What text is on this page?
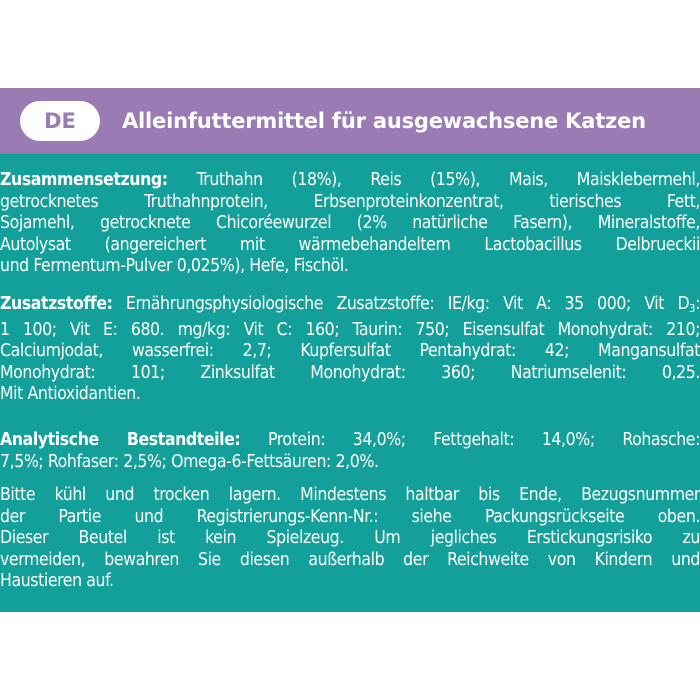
DE	Alleinfuttermittel für ausgewachsene Katzen
Zusammensetzung: Truthahn (18%), Reis (15%), Mais, Maisklebermehl,
getrocknetes Truthahnprotein, Erbsenproteinkonzentrat, tierisches Fett,
Sojamehl, getrocknete Chicoréewurzel (2% natürliche Fasern), Mineralstoffe,
Autolysat (angereichert mit wärmebehandeltem Lactobacillus Delbrueckii
und Fermentum-Pulver 0,025%), Hefe, Fischöl.
Zusatzstoffe: Ernährungsphysiologische Zusatzstoffe: IE/kg: Vit A: 35 000; Vit $D_3$:
1 100; Vit E: 680. mg/kg: Vit C: 160; Taurin: 750; Eisensulfat Monohydrat: 210;
Calciumjodat, wasserfrei: 2,7; Kupfersulfat Pentahydrat: 42; Mangansulfat
Monohydrat: 101; Zinksulfat Monohydrat: 360; Natriumselenit: 0,25.
Mit Antioxidantien.
Analytische Bestandteile: Protein: 34,0%; Fettgehalt: 14,0%; Rohasche:
7,5%; Rohfaser: 2,5%; Omega-6-Fettsäuren: 2,0%.
Bitte kühl und trocken lagern. Mindestens haltbar bis Ende, Bezugsnummer
der Partie und Registrierungs-Kenn-Nr.: siehe Packungsrückseite oben.
Dieser Beutel ist kein Spielzeug. Um jegliches Erstickungsrisiko zu
vermeiden, bewahren Sie diesen außerhalb der Reichweite von Kindern und
Haustieren auf.
